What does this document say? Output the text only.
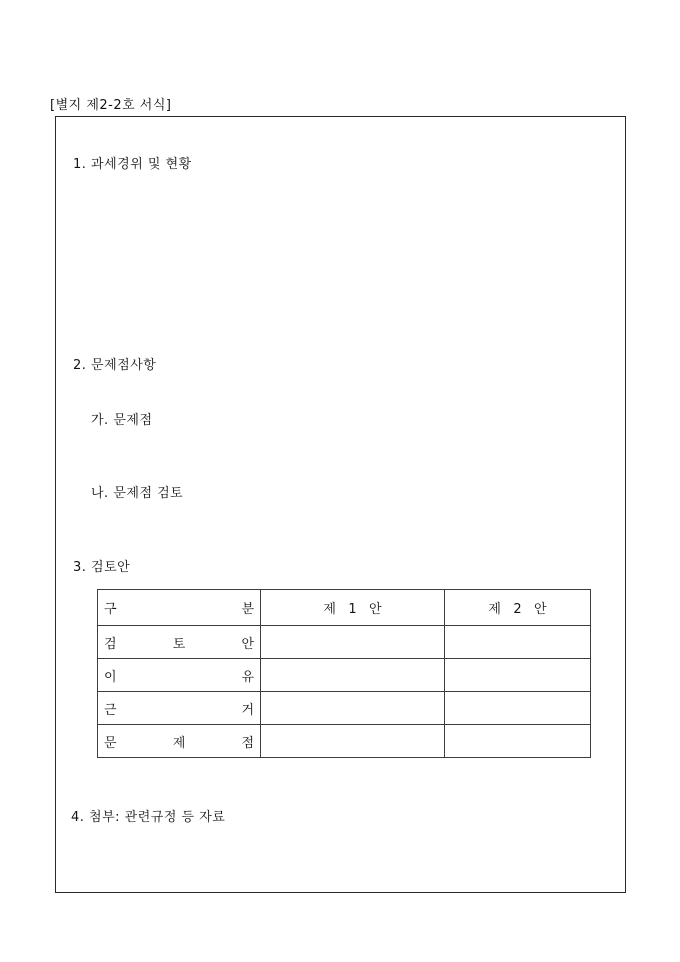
[별지 제2-2호 서식]
1. 과세경위 및 현황
2. 문제점사항
가. 문제점
나. 문제점 검토
3. 검토안
구 분	제   1   안	제   2   안

검 토 안		

이 유		

근 거		

문 제 점		

4. 첨부: 관련규정 등 자료
